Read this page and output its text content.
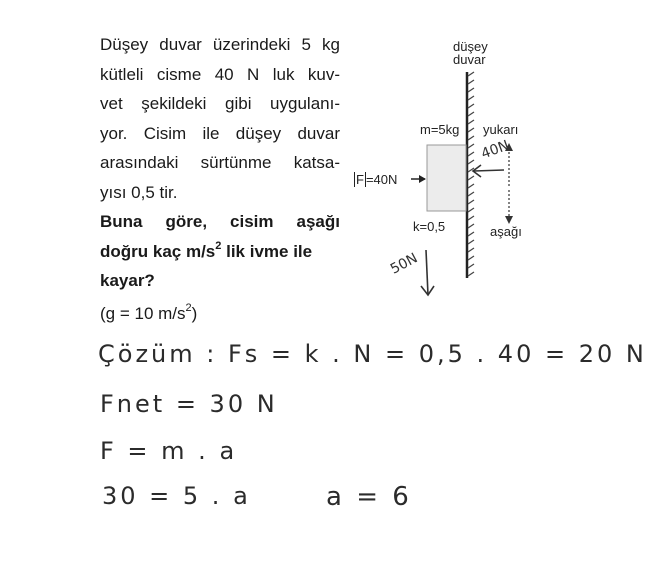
Düşey duvar üzerindeki 5 kg
kütleli cisme 40 N luk kuv-
vet şekildeki gibi uygulanı-
yor. Cisim ile düşey duvar
arasındaki sürtünme katsa-
yısı 0,5 tir.
Buna göre, cisim aşağı
doğru kaç $m/s^2$ lik ivme ile
kayar?
(g = 10 $m/s^2$)
düşey
duvar
m=5kg yukarı
F =40N
k=0,5	aşağı
40N
50N
Çözüm : Fs = k . N = 0,5 . 40 = 20 N
Fnet = 30 N
F = m . a
30 = 5 . a	a = 6
